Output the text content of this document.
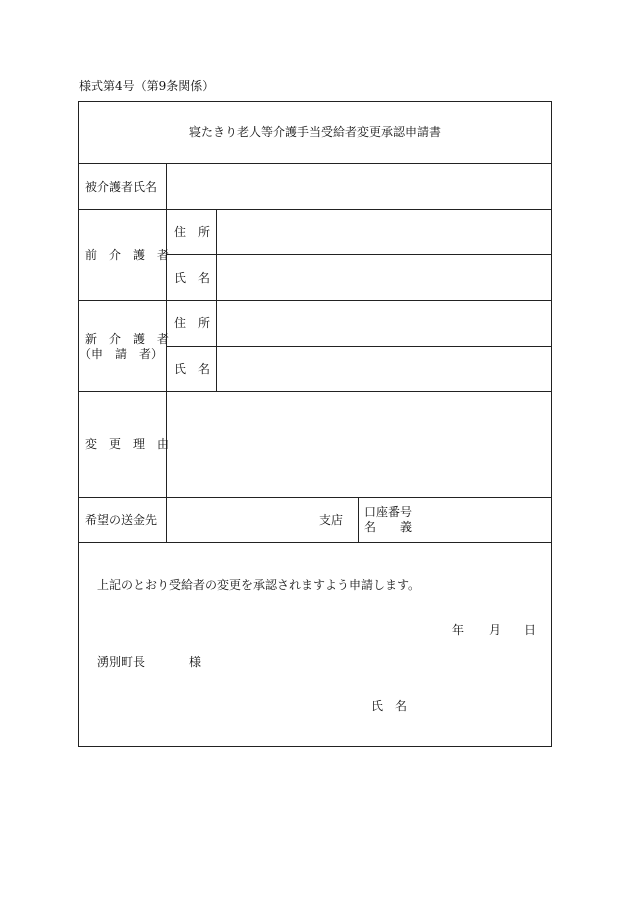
様式第4号（第9条関係）
寝たきり老人等介護手当受給者変更承認申請書
被介護者氏名
前　介　護　者
住　所
氏　名
新　介　護　者
（申　請　者）
住　所
氏　名
変　更　理　由
希望の送金先	支店
口座番号
名　　義
上記のとおり受給者の変更を承認されますよう申請します。
年 月 日
湧別町長	様
氏　名
